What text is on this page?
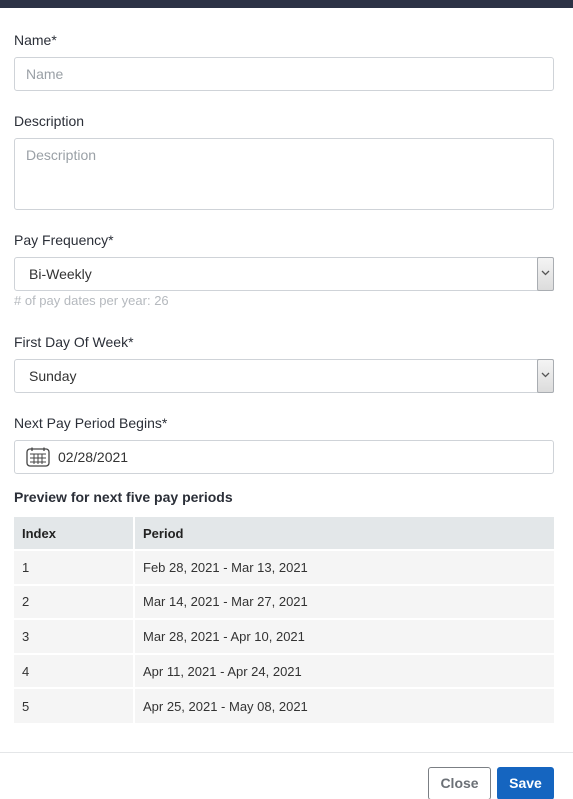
Name*
Name
Description
Description
Pay Frequency*
Bi-Weekly
# of pay dates per year: 26
First Day Of Week*
Sunday
Next Pay Period Begins*
02/28/2021
Preview for next five pay periods
Index	Period
1	Feb 28, 2021 - Mar 13, 2021
2	Mar 14, 2021 - Mar 27, 2021
3	Mar 28, 2021 - Apr 10, 2021
4	Apr 11, 2021 - Apr 24, 2021
5	Apr 25, 2021 - May 08, 2021
Close	Save
